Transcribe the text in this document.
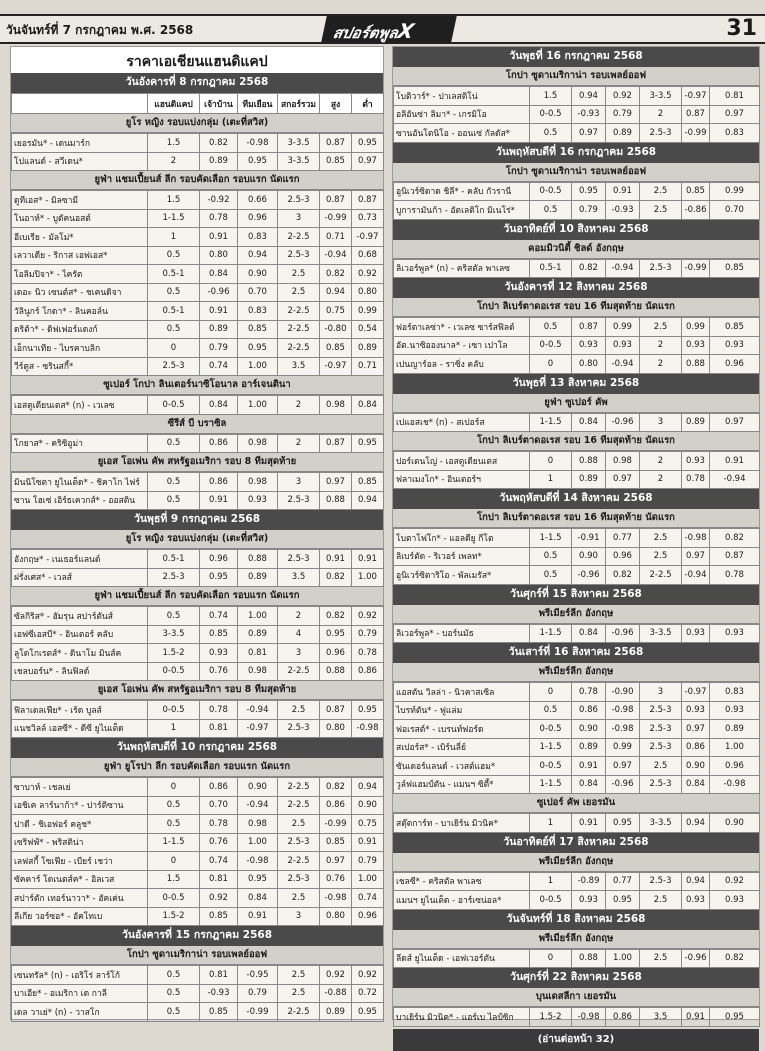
วันจันทร์ที่ 7 กรกฎาคม พ.ศ. 2568	สปอร์ตพูลX	31
ราคาเอเชียนแฮนดิแคป
วันอังคารที่ 8 กรกฎาคม 2568
	แฮนดิแคป	เจ้าบ้าน	ทีมเยือน	สกอร์รวม	สูง	ต่ำ
ยูโร หญิง รอบแบ่งกลุ่ม (เตะที่สวิส)
เยอรมัน* - เดนมาร์ก	1.5	0.82	-0.98	3-3.5	0.87	0.95
โปแลนด์ - สวีเดน*	2	0.89	0.95	3-3.5	0.85	0.97
ยูฟ่า แชมเปี้ยนส์ ลีก รอบคัดเลือก รอบแรก นัดแรก
ดูทีเอส* - มิลซามี	1.5	-0.92	0.66	2.5-3	0.87	0.87
โนอาห์* - บูดัคนอสต์	1-1.5	0.78	0.96	3	-0.99	0.73
อีเบเรีย - มัลโม่*	1	0.91	0.83	2-2.5	0.71	-0.97
เลวาเดีย - ริกาส เอฟเอส*	0.5	0.80	0.94	2.5-3	-0.94	0.68
โอลิมปิจา* - ไครัต	0.5-1	0.84	0.90	2.5	0.82	0.92
เดอะ นิว เซนต์ส* - ชเคนดิจา	0.5	-0.96	0.70	2.5	0.94	0.80
วัลินูกร์ โกดา* - ลินคอล์น	0.5-1	0.91	0.83	2-2.5	0.75	0.99
ดริต้า* - ดิฟเฟอร์แดงก์	0.5	0.89	0.85	2-2.5	-0.80	0.54
เอ็กนาเทีย - ไบรคาบลิก	0	0.79	0.95	2-2.5	0.85	0.89
วีร์ตูส - ซรินสกี้*	2.5-3	0.74	1.00	3.5	-0.97	0.71
ซูเปอร์ โกปา ลินเตอร์นาซิโอนาล อาร์เจนตินา
เอสตูเดียนเตส* (n) - เวเลซ	0-0.5	0.84	1.00	2	0.98	0.84
ซีรีส์ บี บราซิล
โกยาส* - คริซิอูม่า	0.5	0.86	0.98	2	0.87	0.95
ยูเอส โอเพ่น คัพ สหรัฐอเมริกา รอบ 8 ทีมสุดท้าย
มินนิโซตา ยูไนเต็ด* - ชิคาโก ไฟร์	0.5	0.86	0.98	3	0.97	0.85
ซาน โฮเซ่ เอิร์ธเควกส์* - ออสติน	0.5	0.91	0.93	2.5-3	0.88	0.94
วันพุธที่ 9 กรกฎาคม 2568
ยูโร หญิง รอบแบ่งกลุ่ม (เตะที่สวิส)
อังกฤษ* - เนเธอร์แลนด์	0.5-1	0.96	0.88	2.5-3	0.91	0.91
ฝรั่งเศส* - เวลส์	2.5-3	0.95	0.89	3.5	0.82	1.00
ยูฟ่า แชมเปี้ยนส์ ลีก รอบคัดเลือก รอบแรก นัดแรก
ซัลกิริส* - ฮัมรุน สปาร์ตันส์	0.5	0.74	1.00	2	0.82	0.92
เอฟซีเอสบี* - อินเตอร์ คลับ	3-3.5	0.85	0.89	4	0.95	0.79
ลูโดโกเรตส์* - ดินาโม มินส์ค	1.5-2	0.93	0.81	3	0.96	0.78
เชลบอร์น* - ลินฟิลด์	0-0.5	0.76	0.98	2-2.5	0.88	0.86
ยูเอส โอเพ่น คัพ สหรัฐอเมริกา รอบ 8 ทีมสุดท้าย
ฟิลาเดลเฟีย* - เร้ด บูลส์	0-0.5	0.78	-0.94	2.5	0.87	0.95
แนชวิลล์ เอสซี* - ดีซี ยูไนเต็ด	1	0.81	-0.97	2.5-3	0.80	-0.98
วันพฤหัสบดีที่ 10 กรกฎาคม 2568
ยูฟ่า ยูโรปา ลีก รอบคัดเลือก รอบแรก นัดแรก
ซาบาห์ - เชลเย่	0	0.86	0.90	2-2.5	0.82	0.94
เอชิเค ลาร์นาก้า* - ปาร์ติซาน	0.5	0.70	-0.94	2-2.5	0.86	0.90
ปาดี - ชิเอฟอร์ คลูช*	0.5	0.78	0.98	2.5	-0.99	0.75
เซริฟฟ์* - พริสติน่า	1-1.5	0.76	1.00	2.5-3	0.85	0.91
เลฟสกี้ โซเฟีย - เบียร์ เชว่า	0	0.74	-0.98	2-2.5	0.97	0.79
ซัคคาร์ โดเนตส์ค* - อิลเวส	1.5	0.81	0.95	2.5-3	0.76	1.00
สปาร์ตัก เทอร์นาวา* - ฮัคเค่น	0-0.5	0.92	0.84	2.5	-0.98	0.74
ลีเกีย วอร์ซอ* - อัคโทเบ	1.5-2	0.85	0.91	3	0.80	0.96
วันอังคารที่ 15 กรกฎาคม 2568
โกปา ซูดาเมริกาน่า รอบเพลย์ออฟ
เซนทรัล* (n) - เอริโร่ ลาร์โก้	0.5	0.81	-0.95	2.5	0.92	0.92
บาเอีย* - อเมริกา เด กาลี	0.5	-0.93	0.79	2.5	-0.88	0.72
เดล วาเย่* (n) - วาสโก	0.5	0.85	-0.99	2-2.5	0.89	0.95
วันพุธที่ 16 กรกฎาคม 2568
โกปา ซูดาเมริกาน่า รอบเพลย์ออฟ
โบติวาร์* - ปาเลสติโน่	1.5	0.94	0.92	3-3.5	-0.97	0.81
อลิอันซ่า ลิมา* - เกรมิโอ	0-0.5	-0.93	0.79	2	0.87	0.97
ซานอันโตนิโอ - ออนเซ่ กัลดัส*	0.5	0.97	0.89	2.5-3	-0.99	0.83
วันพฤหัสบดีที่ 16 กรกฎาคม 2568
โกปา ซูดาเมริกาน่า รอบเพลย์ออฟ
อูนิเวร์ซิดาด ชิลี* - คลับ กัวรานี	0-0.5	0.95	0.91	2.5	0.85	0.99
บูการามันก้า - อัตเลติโก มิเนโร่*	0.5	0.79	-0.93	2.5	-0.86	0.70
วันอาทิตย์ที่ 10 สิงหาคม 2568
คอมมิวนิตี้ ชิลด์ อังกฤษ
ลิเวอร์พูล* (n) - คริสตัล พาเลซ	0.5-1	0.82	-0.94	2.5-3	-0.99	0.85
วันอังคารที่ 12 สิงหาคม 2568
โกปา ลิเบร์ตาดอเรส รอบ 16 ทีมสุดท้าย นัดแรก
ฟอร์ตาเลซ่า* - เวเลซ ซาร์สฟิลด์	0.5	0.87	0.99	2.5	0.99	0.85
อัต.นาซิอองนาล* - เซา เปาโล	0-0.5	0.93	0.93	2	0.93	0.93
เปนญาร์อล - ราซิ่ง คลับ	0	0.80	-0.94	2	0.88	0.96
วันพุธที่ 13 สิงหาคม 2568
ยูฟ่า ซูเปอร์ คัพ
เปแอสเช* (n) - สเปอร์ส	1-1.5	0.84	-0.96	3	0.89	0.97
โกปา ลิเบร์ตาดอเรส รอบ 16 ทีมสุดท้าย นัดแรก
ปอร์เตนโญ่ - เอสตูเดียนเตส	0	0.88	0.98	2	0.93	0.91
ฟลาเมงโก* - อินเตอร์ฯ	1	0.89	0.97	2	0.78	-0.94
วันพฤหัสบดีที่ 14 สิงหาคม 2568
โกปา ลิเบร์ตาดอเรส รอบ 16 ทีมสุดท้าย นัดแรก
โบตาโฟโก* - แอลดียู กีโต	1-1.5	-0.91	0.77	2.5	-0.98	0.82
ลิเบร์ตัด - ริเวอร์ เพลท*	0.5	0.90	0.96	2.5	0.97	0.87
อูนิเวร์ซิตาริโอ - พัลเมรัส*	0.5	-0.96	0.82	2-2.5	-0.94	0.78
วันศุกร์ที่ 15 สิงหาคม 2568
พรีเมียร์ลีก อังกฤษ
ลิเวอร์พูล* - บอร์นมัธ	1-1.5	0.84	-0.96	3-3.5	0.93	0.93
วันเสาร์ที่ 16 สิงหาคม 2568
พรีเมียร์ลีก อังกฤษ
แอสตัน วิลล่า - นิวคาสเซิล	0	0.78	-0.90	3	-0.97	0.83
ไบรท์ตัน* - ฟูแล่ม	0.5	0.86	-0.98	2.5-3	0.93	0.93
ฟอเรสต์* - เบรนท์ฟอร์ด	0-0.5	0.90	-0.98	2.5-3	0.97	0.89
สเปอร์ส* - เบิร์นลี่ย์	1-1.5	0.89	0.99	2.5-3	0.86	1.00
ซันเดอร์แลนด์ - เวสต์แฮม*	0-0.5	0.91	0.97	2.5	0.90	0.96
วูล์ฟแฮมป์ตัน - แมนฯ ซิตี้*	1-1.5	0.84	-0.96	2.5-3	0.84	-0.98
ซูเปอร์ คัพ เยอรมัน
สตุ๊ตการ์ท - บาเยิร์น มิวนิค*	1	0.91	0.95	3-3.5	0.94	0.90
วันอาทิตย์ที่ 17 สิงหาคม 2568
พรีเมียร์ลีก อังกฤษ
เชลซี* - คริสตัล พาเลซ	1	-0.89	0.77	2.5-3	0.94	0.92
แมนฯ ยูไนเต็ด - อาร์เซน่อล*	0-0.5	0.93	0.95	2.5	0.93	0.93
วันจันทร์ที่ 18 สิงหาคม 2568
พรีเมียร์ลีก อังกฤษ
ลีดส์ ยูไนเต็ด - เอฟเวอร์ตัน	0	0.88	1.00	2.5	-0.96	0.82
วันศุกร์ที่ 22 สิงหาคม 2568
บุนเดสลีกา เยอรมัน
บาเยิร์น มิวนิค* - แอร์เบ ไลป์ซิก	1.5-2	-0.98	0.86	3.5	0.91	0.95
(อ่านต่อหน้า 32)
